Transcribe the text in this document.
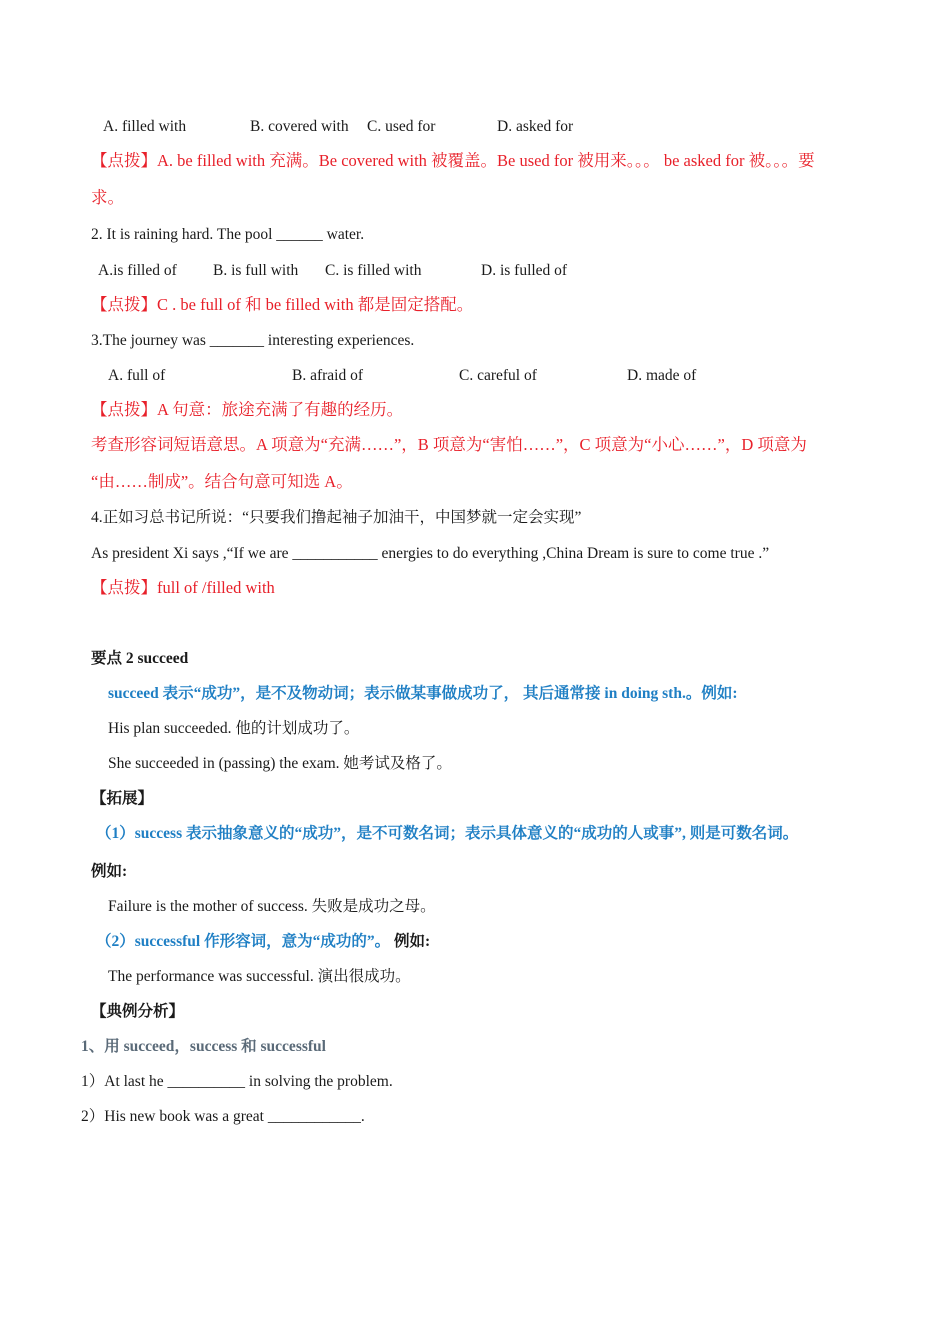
A. filled with	B. covered with C. used for	D. asked for
【点拨】A. be filled with 充满。Be covered with 被覆盖。Be used for 被用来。。。 be asked for 被。。。要
求。
2. It is raining hard. The pool ______ water.
A.is filled of B. is full with C. is filled with	D. is fulled of
【点拨】C . be full of 和 be filled with 都是固定搭配。
3.The journey was _______ interesting experiences.
A. full of	B. afraid of	C. careful of	D. made of
【点拨】A 句意：旅途充满了有趣的经历。
考查形容词短语意思。A 项意为“充满……”，B 项意为“害怕……”，C 项意为“小心……”，D 项意为
“由……制成”。结合句意可知选 A。
4.正如习总书记所说：“只要我们撸起袖子加油干，中国梦就一定会实现”
As president Xi says ,“If we are ___________ energies to do everything ,China Dream is sure to come true .”
【点拨】full of /filled with
要点 2 succeed
succeed 表示“成功”，是不及物动词；表示做某事做成功了， 其后通常接 in doing sth.。例如:
His plan succeeded. 他的计划成功了。
She succeeded in (passing) the exam. 她考试及格了。
【拓展】
（1）success 表示抽象意义的“成功”，是不可数名词；表示具体意义的“成功的人或事”, 则是可数名词。
例如:
Failure is the mother of success. 失败是成功之母。
（2）successful 作形容词，意为“成功的”。 例如:
The performance was successful. 演出很成功。
【典例分析】
1、用 succeed，success 和 successful
1）At last he __________ in solving the problem.
2）His new book was a great ____________.
